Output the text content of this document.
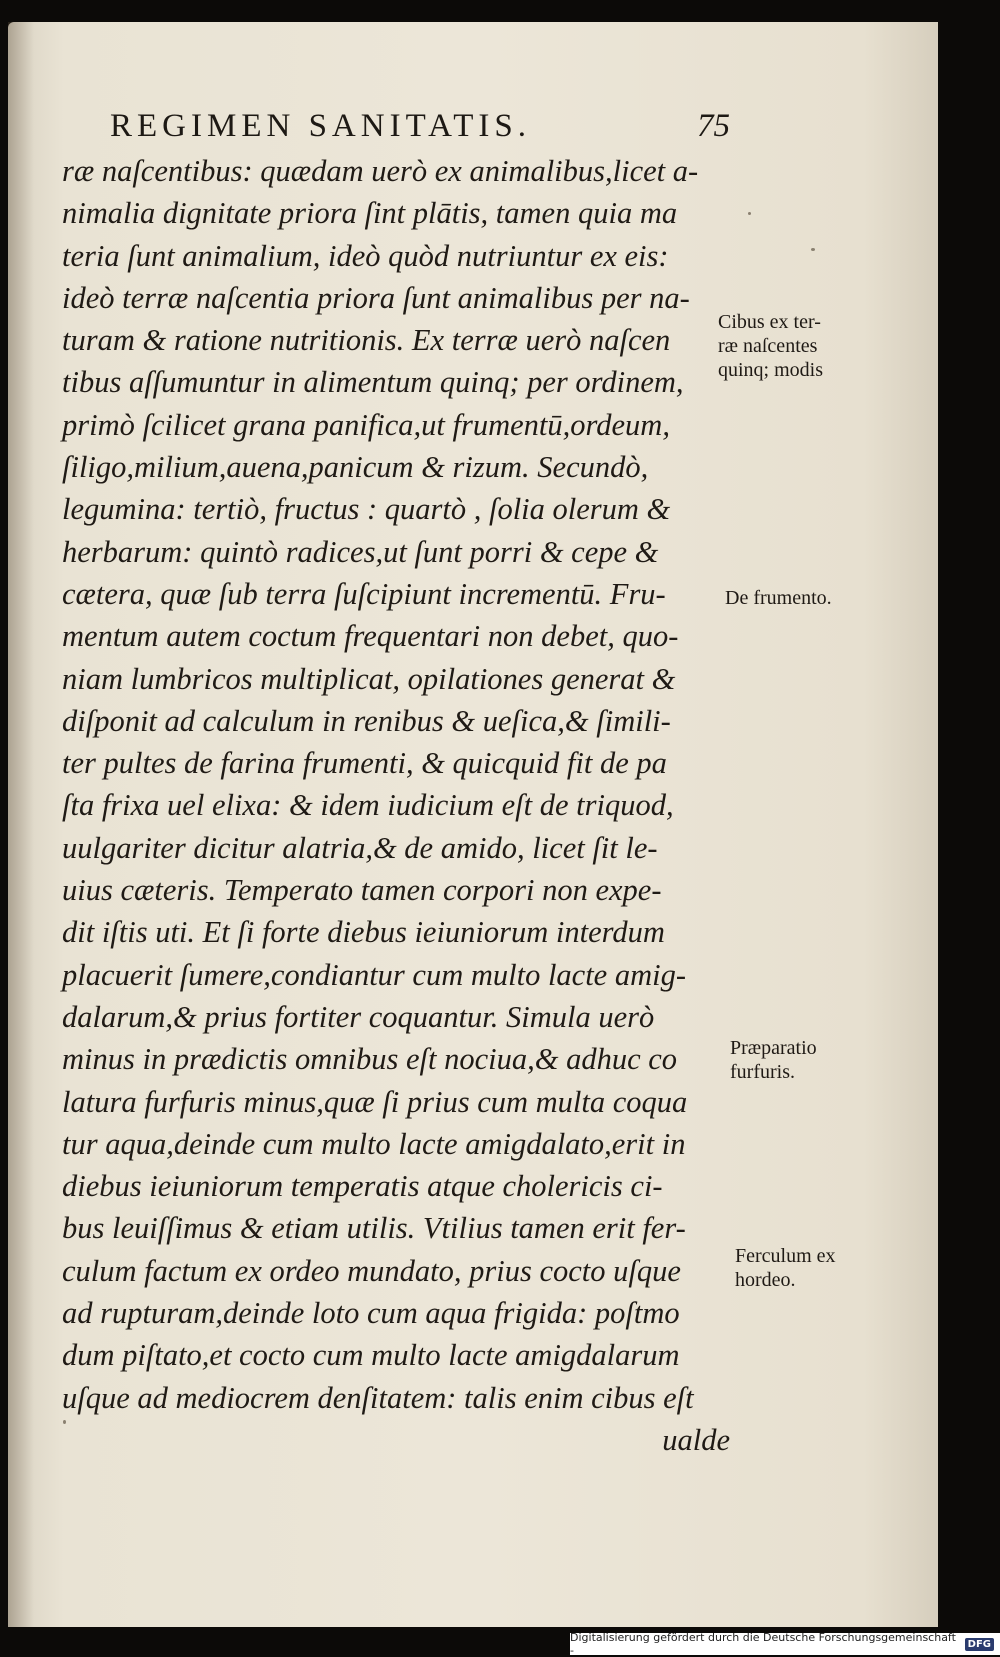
REGIMEN SANITATIS.	75
ræ naſcentibus: quædam uerò ex animalibus,licet a-
nimalia dignitate priora ſint plātis, tamen quia ma
teria ſunt animalium, ideò quòd nutriuntur ex eis:
ideò terræ naſcentia priora ſunt animalibus per na-
turam & ratione nutritionis. Ex terræ uerò naſcen
tibus aſſumuntur in alimentum quinq; per ordinem,
primò ſcilicet grana panifica,ut frumentū,ordeum,
ſiligo,milium,auena,panicum & rizum. Secundò,
legumina: tertiò, fructus : quartò , ſolia olerum &
herbarum: quintò radices,ut ſunt porri & cepe &
cætera, quæ ſub terra ſuſcipiunt incrementū. Fru-
mentum autem coctum frequentari non debet, quo-
niam lumbricos multiplicat, opilationes generat &
diſponit ad calculum in renibus & ueſica,& ſimili-
ter pultes de farina frumenti, & quicquid fit de pa
ſta frixa uel elixa: & idem iudicium eſt de triquod,
uulgariter dicitur alatria,& de amido, licet ſit le-
uius cæteris. Temperato tamen corpori non expe-
dit iſtis uti. Et ſi forte diebus ieiuniorum interdum
placuerit ſumere,condiantur cum multo lacte amig-
dalarum,& prius fortiter coquantur. Simula uerò
minus in prædictis omnibus eſt nociua,& adhuc co
latura furfuris minus,quæ ſi prius cum multa coqua
tur aqua,deinde cum multo lacte amigdalato,erit in
diebus ieiuniorum temperatis atque cholericis ci-
bus leuiſſimus & etiam utilis. Vtilius tamen erit fer-
culum factum ex ordeo mundato, prius cocto uſque
ad rupturam,deinde loto cum aqua frigida: poſtmo
dum piſtato,et cocto cum multo lacte amigdalarum
uſque ad mediocrem denſitatem: talis enim cibus eſt
ualde
Cibus ex ter-
ræ naſcentes
quinq; modis
De frumento.
Præparatio
furfuris.
Ferculum ex
hordeo.
Digitalisierung gefördert durch die Deutsche Forschungsgemeinschaft -	DFG
